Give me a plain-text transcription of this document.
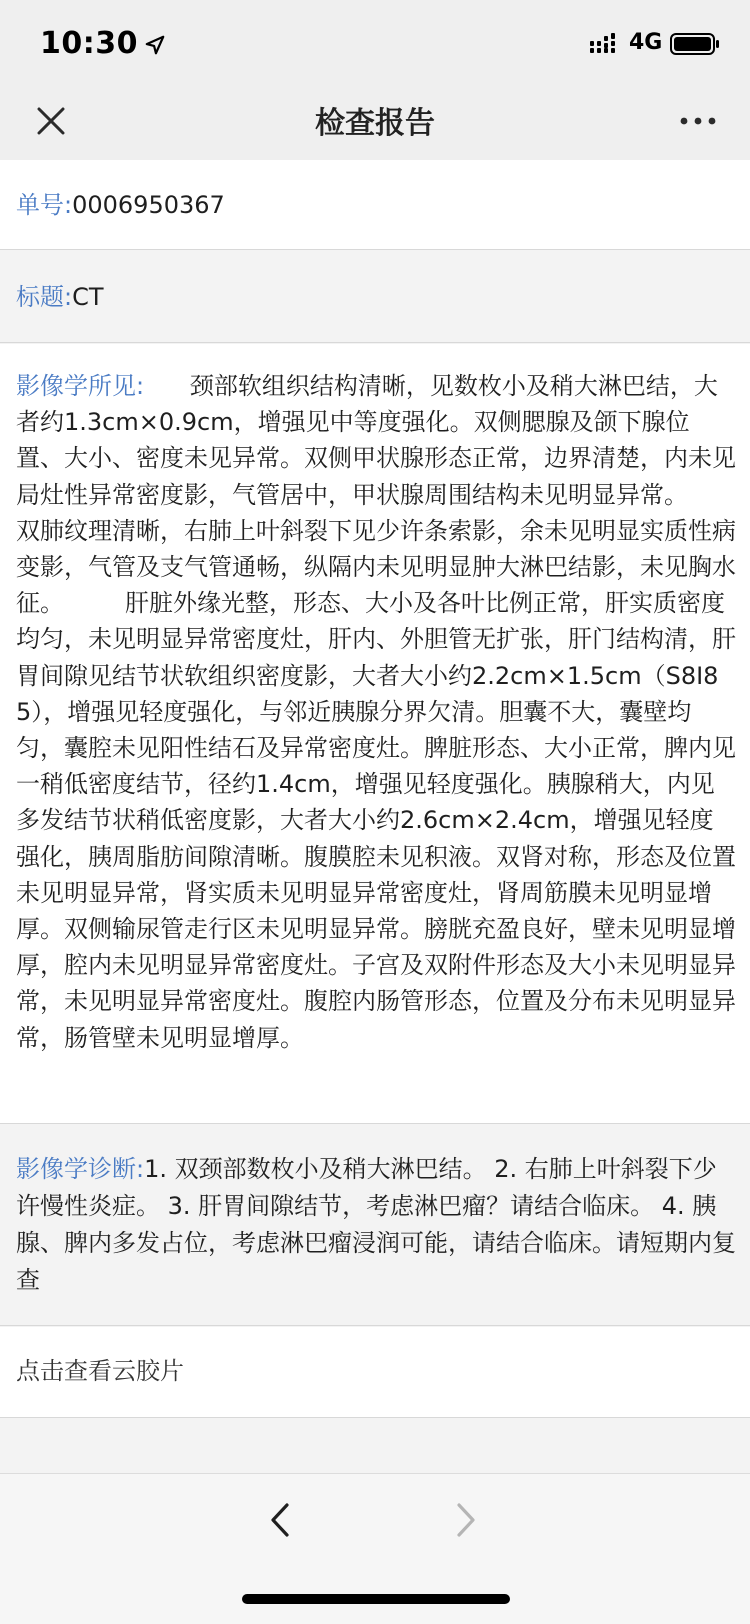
10:30	4G
检查报告
单号:0006950367
标题:CT
影像学所见:      颈部软组织结构清晰，见数枚小及稍大淋巴结，大者约1.3cm×0.9cm，增强见中等度强化。双侧腮腺及颌下腺位置、大小、密度未见异常。双侧甲状腺形态正常，边界清楚，内未见局灶性异常密度影，气管居中，甲状腺周围结构未见明显异常。        双肺纹理清晰，右肺上叶斜裂下见少许条索影，余未见明显实质性病变影，气管及支气管通畅，纵隔内未见明显肿大淋巴结影，未见胸水征。        肝脏外缘光整，形态、大小及各叶比例正常，肝实质密度均匀，未见明显异常密度灶，肝内、外胆管无扩张，肝门结构清，肝胃间隙见结节状软组织密度影，大者大小约2.2cm×1.5cm（S8I85），增强见轻度强化，与邻近胰腺分界欠清。胆囊不大，囊壁均匀，囊腔未见阳性结石及异常密度灶。脾脏形态、大小正常，脾内见一稍低密度结节，径约1.4cm，增强见轻度强化。胰腺稍大，内见多发结节状稍低密度影，大者大小约2.6cm×2.4cm，增强见轻度强化，胰周脂肪间隙清晰。腹膜腔未见积液。双肾对称，形态及位置未见明显异常，肾实质未见明显异常密度灶，肾周筋膜未见明显增厚。双侧输尿管走行区未见明显异常。膀胱充盈良好，壁未见明显增厚，腔内未见明显异常密度灶。子宫及双附件形态及大小未见明显异常，未见明显异常密度灶。腹腔内肠管形态，位置及分布未见明显异常，肠管壁未见明显增厚。
影像学诊断:1. 双颈部数枚小及稍大淋巴结。 2. 右肺上叶斜裂下少许慢性炎症。 3. 肝胃间隙结节，考虑淋巴瘤？请结合临床。 4. 胰腺、脾内多发占位，考虑淋巴瘤浸润可能，请结合临床。请短期内复查
点击查看云胶片
